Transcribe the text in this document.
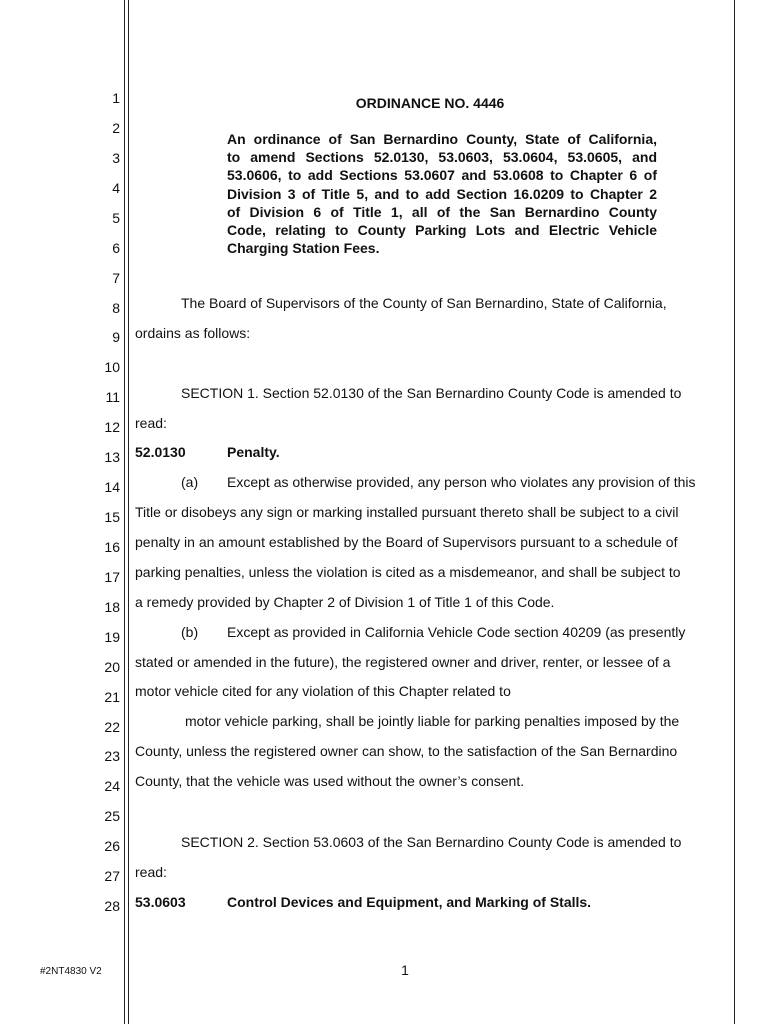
1
2
3
4
5
6
7
8
9
10
11
12
13
14
15
16
17
18
19
20
21
22
23
24
25
26
27
28
ORDINANCE NO. 4446
An ordinance of San Bernardino County, State of California,
to amend Sections 52.0130, 53.0603, 53.0604, 53.0605, and
53.0606, to add Sections 53.0607 and 53.0608 to Chapter 6 of
Division 3 of Title 5, and to add Section 16.0209 to Chapter 2
of Division 6 of Title 1, all of the San Bernardino County
Code, relating to County Parking Lots and Electric Vehicle
Charging Station Fees.
The Board of Supervisors of the County of San Bernardino, State of California,
ordains as follows:
SECTION 1. Section 52.0130 of the San Bernardino County Code is amended to
read:
52.0130	Penalty.
(a) Except as otherwise provided, any person who violates any provision of this
Title or disobeys any sign or marking installed pursuant thereto shall be subject to a civil
penalty in an amount established by the Board of Supervisors pursuant to a schedule of
parking penalties, unless the violation is cited as a misdemeanor, and shall be subject to
a remedy provided by Chapter 2 of Division 1 of Title 1 of this Code.
(b) Except as provided in California Vehicle Code section 40209 (as presently
stated or amended in the future), the registered owner and driver, renter, or lessee of a
motor vehicle cited for any violation of this Chapter related to
motor vehicle parking, shall be jointly liable for parking penalties imposed by the
County, unless the registered owner can show, to the satisfaction of the San Bernardino
County, that the vehicle was used without the owner’s consent.
SECTION 2. Section 53.0603 of the San Bernardino County Code is amended to
read:
53.0603	Control Devices and Equipment, and Marking of Stalls.
#2NT4830 V2	1
